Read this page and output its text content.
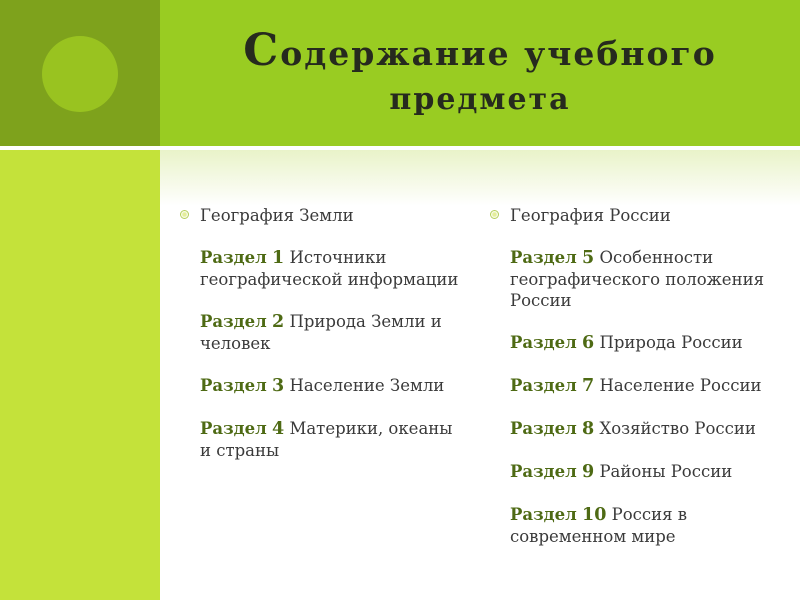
Содержание учебного
предмета
География Земли
Раздел 1 Источники географической информации
Раздел 2 Природа Земли и человек
Раздел 3 Население Земли
Раздел 4 Материки, океаны и страны
География России
Раздел 5 Особенности географического положения России
Раздел 6 Природа России
Раздел 7 Население России
Раздел 8 Хозяйство России
Раздел 9 Районы России
Раздел 10 Россия в современном мире
